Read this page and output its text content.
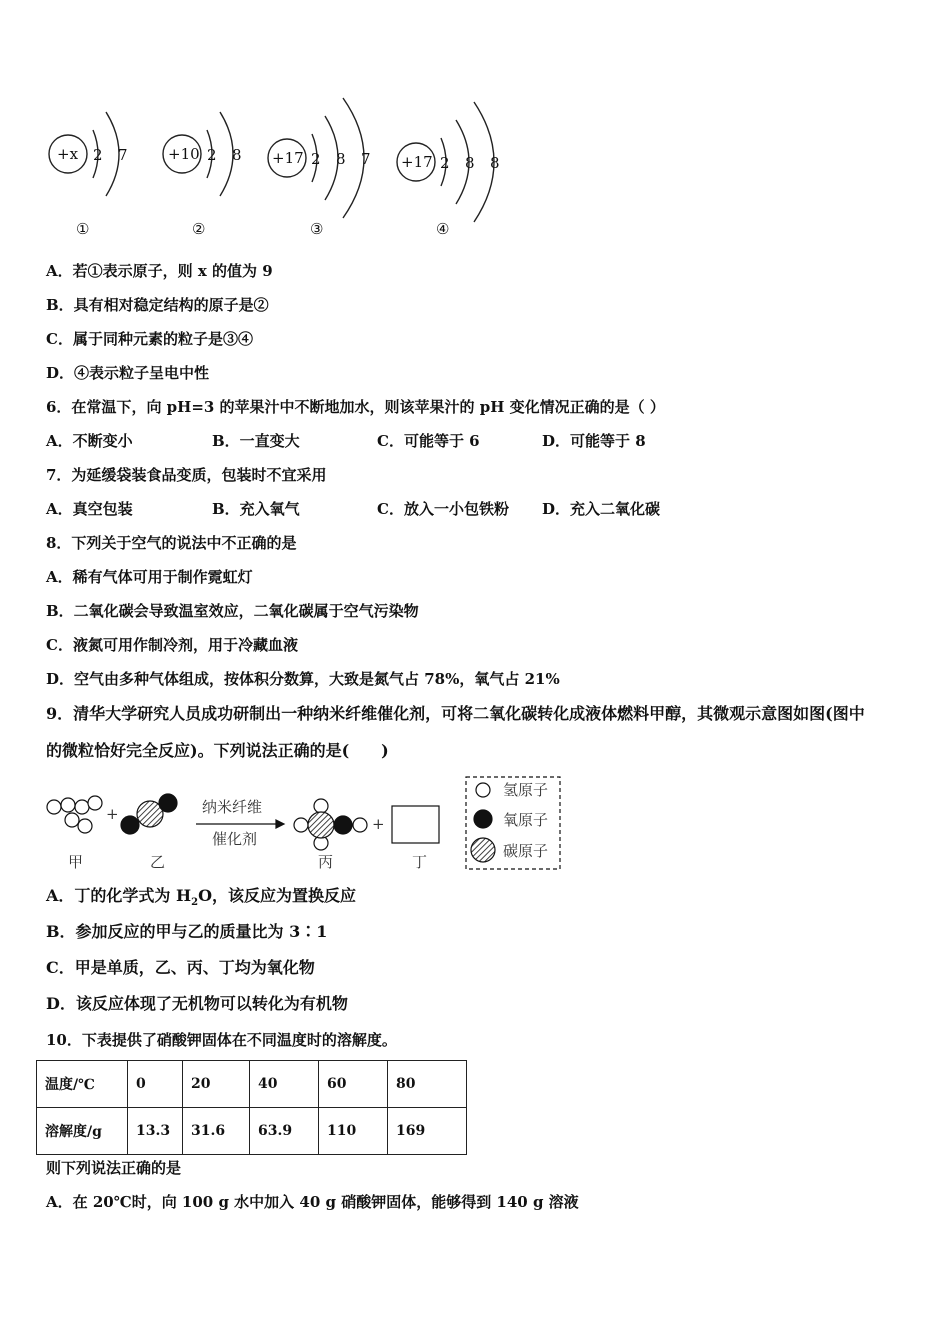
+x 2 7
①
+10 2 8
②
+17 2 8 7
③
+17 2 8 8
④
A．若①表示原子，则 x 的值为 9
B．具有相对稳定结构的原子是②
C．属于同种元素的粒子是③④
D．④表示粒子呈电中性
6．在常温下，向 pH=3 的苹果汁中不断地加水，则该苹果汁的 pH 变化情况正确的是（ ）
A．不断变小	B．一直变大	C．可能等于 6	D．可能等于 8
7．为延缓袋装食品变质，包装时不宜采用
A．真空包装	B．充入氧气	C．放入一小包铁粉 D．充入二氧化碳
8．下列关于空气的说法中不正确的是
A．稀有气体可用于制作霓虹灯
B．二氧化碳会导致温室效应，二氧化碳属于空气污染物
C．液氮可用作制冷剂，用于冷藏血液
D．空气由多种气体组成，按体积分数算，大致是氮气占 78%，氧气占 21%
9．清华大学研究人员成功研制出一种纳米纤维催化剂，可将二氧化碳转化成液体燃料甲醇，其微观示意图如图(图中
的微粒恰好完全反应)。下列说法正确的是(　　)
+
+
纳米纤维
催化剂
甲	乙	丙	丁
氢原子
氧原子
碳原子
A．丁的化学式为 $H_2O$，该反应为置换反应
B．参加反应的甲与乙的质量比为 3∶1
C．甲是单质，乙、丙、丁均为氧化物
D．该反应体现了无机物可以转化为有机物
10．下表提供了硝酸钾固体在不同温度时的溶解度。
温度/℃	0	20	40	60	80
溶解度/g	13.3	31.6	63.9	110	169
则下列说法正确的是
A．在 20℃时，向 100 g 水中加入 40 g 硝酸钾固体，能够得到 140 g 溶液
